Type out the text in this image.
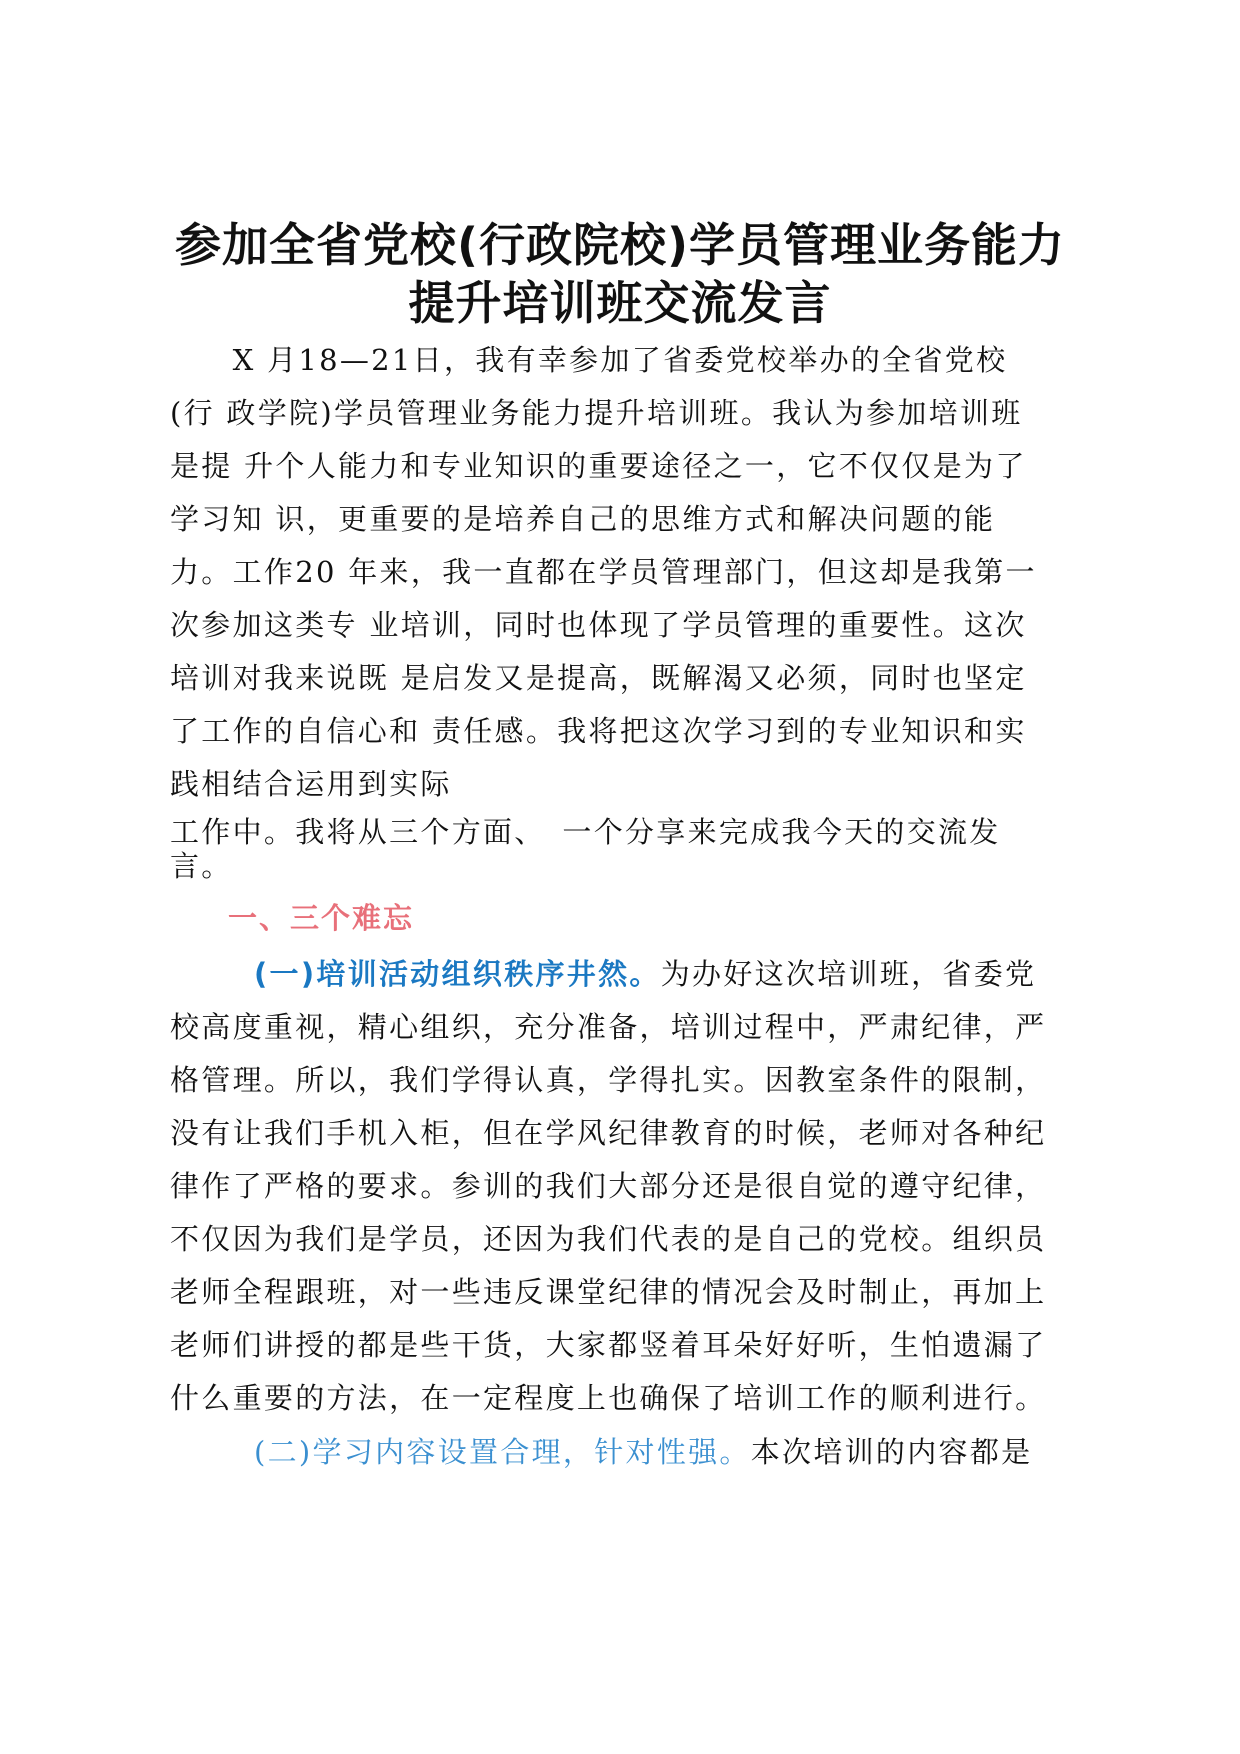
参加全省党校(行政院校)学员管理业务能力
提升培训班交流发言
　　X 月18—21日，我有幸参加了省委党校举办的全省党校
(行 政学院)学员管理业务能力提升培训班。我认为参加培训班
是提 升个人能力和专业知识的重要途径之一，它不仅仅是为了
学习知 识，更重要的是培养自己的思维方式和解决问题的能
力。工作20 年来，我一直都在学员管理部门，但这却是我第一
次参加这类专 业培训，同时也体现了学员管理的重要性。这次
培训对我来说既 是启发又是提高，既解渴又必须，同时也坚定
了工作的自信心和 责任感。我将把这次学习到的专业知识和实
践相结合运用到实际
工作中。我将从三个方面、　一个分享来完成我今天的交流发
言。
一、三个难忘
(一)培训活动组织秩序井然。为办好这次培训班，省委党
校高度重视，精心组织，充分准备，培训过程中，严肃纪律，严
格管理。所以，我们学得认真，学得扎实。因教室条件的限制，
没有让我们手机入柜，但在学风纪律教育的时候，老师对各种纪
律作了严格的要求。参训的我们大部分还是很自觉的遵守纪律，
不仅因为我们是学员，还因为我们代表的是自己的党校。组织员
老师全程跟班，对一些违反课堂纪律的情况会及时制止，再加上
老师们讲授的都是些干货，大家都竖着耳朵好好听，生怕遗漏了
什么重要的方法，在一定程度上也确保了培训工作的顺利进行。
(二)学习内容设置合理，针对性强。本次培训的内容都是
